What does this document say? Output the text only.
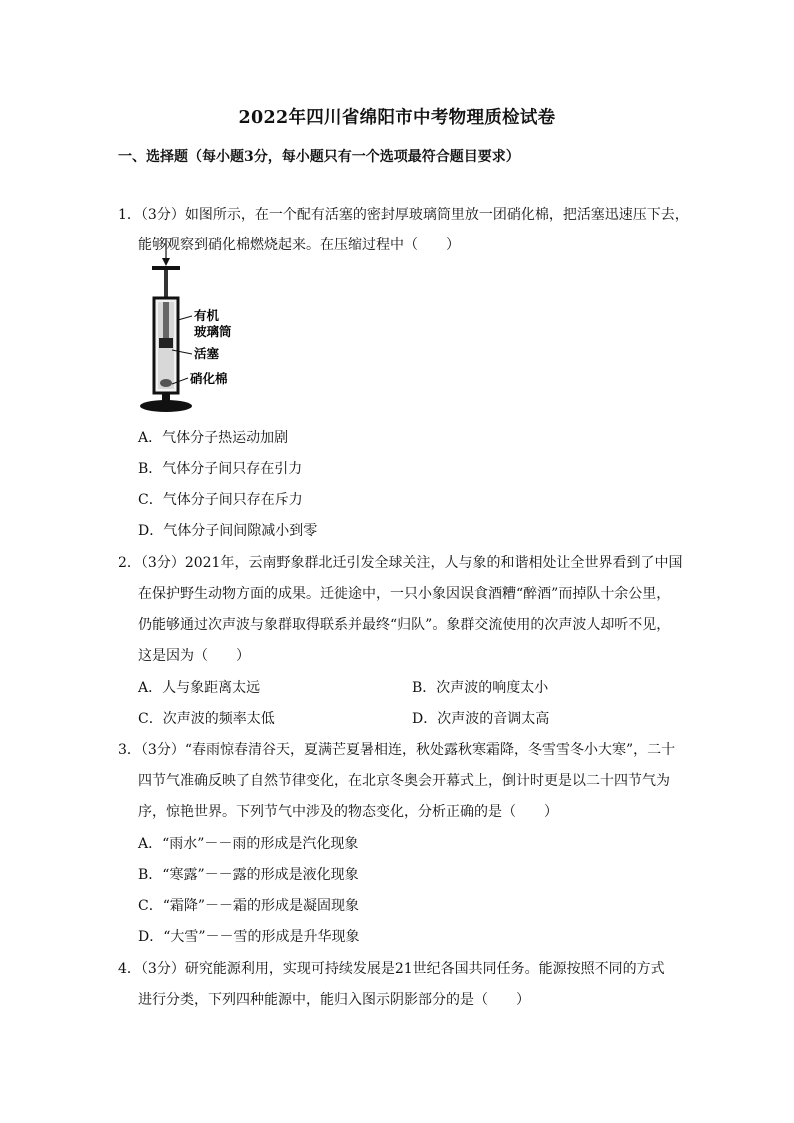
2022年四川省绵阳市中考物理质检试卷
一、选择题（每小题3分，每小题只有一个选项最符合题目要求）
1．（3分）如图所示，在一个配有活塞的密封厚玻璃筒里放一团硝化棉，把活塞迅速压下去，
能够观察到硝化棉燃烧起来。在压缩过程中（　　）
有机
玻璃筒
活塞
硝化棉
A．气体分子热运动加剧
B．气体分子间只存在引力
C．气体分子间只存在斥力
D．气体分子间间隙减小到零
2．（3分）2021年，云南野象群北迁引发全球关注，人与象的和谐相处让全世界看到了中国
在保护野生动物方面的成果。迁徙途中，一只小象因误食酒糟“醉酒”而掉队十余公里，
仍能够通过次声波与象群取得联系并最终“归队”。象群交流使用的次声波人却听不见，
这是因为（　　）
A．人与象距离太远	B．次声波的响度太小
C．次声波的频率太低	D．次声波的音调太高
3．（3分）“春雨惊春清谷天，夏满芒夏暑相连，秋处露秋寒霜降，冬雪雪冬小大寒”，二十
四节气准确反映了自然节律变化，在北京冬奥会开幕式上，倒计时更是以二十四节气为
序，惊艳世界。下列节气中涉及的物态变化，分析正确的是（　　）
A．“雨水”－－雨的形成是汽化现象
B．“寒露”－－露的形成是液化现象
C．“霜降”－－霜的形成是凝固现象
D．“大雪”－－雪的形成是升华现象
4．（3分）研究能源利用，实现可持续发展是21世纪各国共同任务。能源按照不同的方式
进行分类，下列四种能源中，能归入图示阴影部分的是（　　）
